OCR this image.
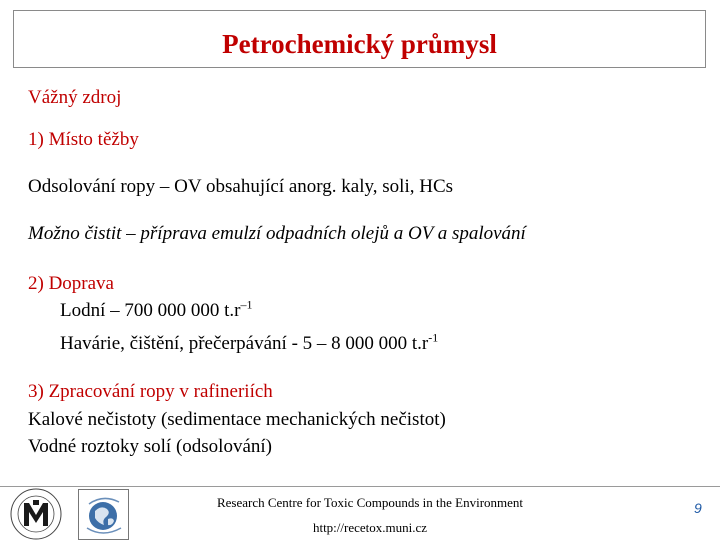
Petrochemický průmysl
Vážný zdroj
1) Místo těžby
Odsolování ropy – OV obsahující anorg. kaly, soli, HCs
Možno čistit – příprava emulzí odpadních olejů a OV a spalování
2) Doprava
Lodní – 700 000 000 $t.r^{-1}$
Havárie, čištění, přečerpávání - 5 – 8 000 000 $t.r^{-1}$
3) Zpracování ropy v rafineriích
Kalové nečistoty (sedimentace mechanických nečistot)
Vodné roztoky solí (odsolování)
Research Centre for Toxic Compounds in the Environment
http://recetox.muni.cz
9
